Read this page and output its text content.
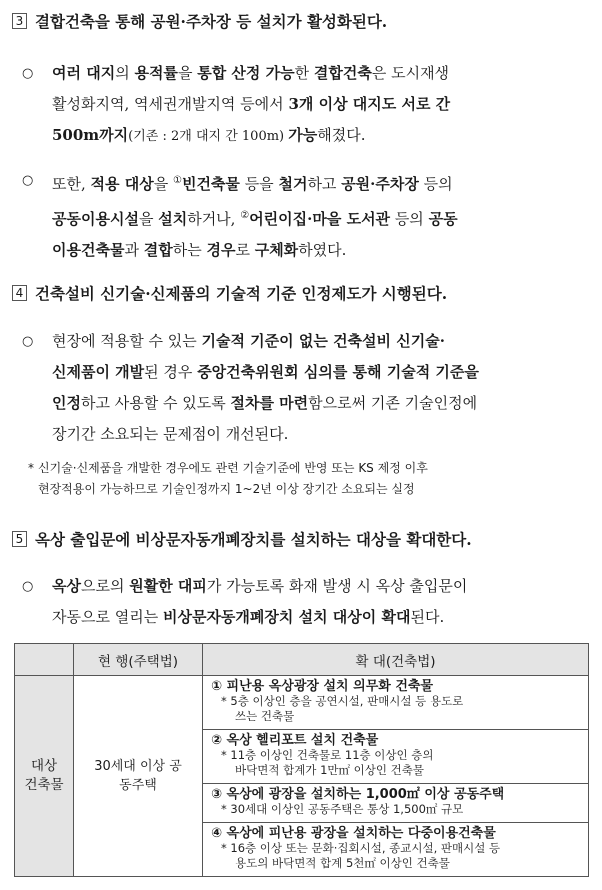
3 결합건축을 통해 공원·주차장 등 설치가 활성화된다.
○ 여러 대지의 용적률을 통합 산정 가능한 결합건축은 도시재생
활성화지역, 역세권개발지역 등에서 3개 이상 대지도 서로 간
500m까지(기존 : 2개 대지 간 100m) 가능해졌다.
○ 또한, 적용 대상을 ①빈건축물 등을 철거하고 공원·주차장 등의
공동이용시설을 설치하거나, ②어린이집·마을 도서관 등의 공동
이용건축물과 결합하는 경우로 구체화하였다.
4 건축설비 신기술·신제품의 기술적 기준 인정제도가 시행된다.
○ 현장에 적용할 수 있는 기술적 기준이 없는 건축설비 신기술·
신제품이 개발된 경우 중앙건축위원회 심의를 통해 기술적 기준을
인정하고 사용할 수 있도록 절차를 마련함으로써 기존 기술인정에
장기간 소요되는 문제점이 개선된다.
* 신기술·신제품을 개발한 경우에도 관련 기술기준에 반영 또는 KS 제정 이후
현장적용이 가능하므로 기술인정까지 1~2년 이상 장기간 소요되는 실정
5 옥상 출입문에 비상문자동개폐장치를 설치하는 대상을 확대한다.
○ 옥상으로의 원활한 대피가 가능토록 화재 발생 시 옥상 출입문이
자동으로 열리는 비상문자동개폐장치 설치 대상이 확대된다.
	현 행(주택법)	확 대(건축법)
대상 건축물	30세대 이상 공동주택	① 피난용 옥상광장 설치 의무화 건축물
* 5층 이상인 층을 공연시설, 판매시설 등 용도로
쓰는 건축물

		② 옥상 헬리포트 설치 건축물
* 11층 이상인 건축물로 11층 이상인 층의
바닥면적 합계가 1만㎡ 이상인 건축물

		③ 옥상에 광장을 설치하는 1,000㎡ 이상 공동주택
* 30세대 이상인 공동주택은 통상 1,500㎡ 규모

		④ 옥상에 피난용 광장을 설치하는 다중이용건축물
* 16층 이상 또는 문화·집회시설, 종교시설, 판매시설 등
용도의 바닥면적 합계 5천㎡ 이상인 건축물
